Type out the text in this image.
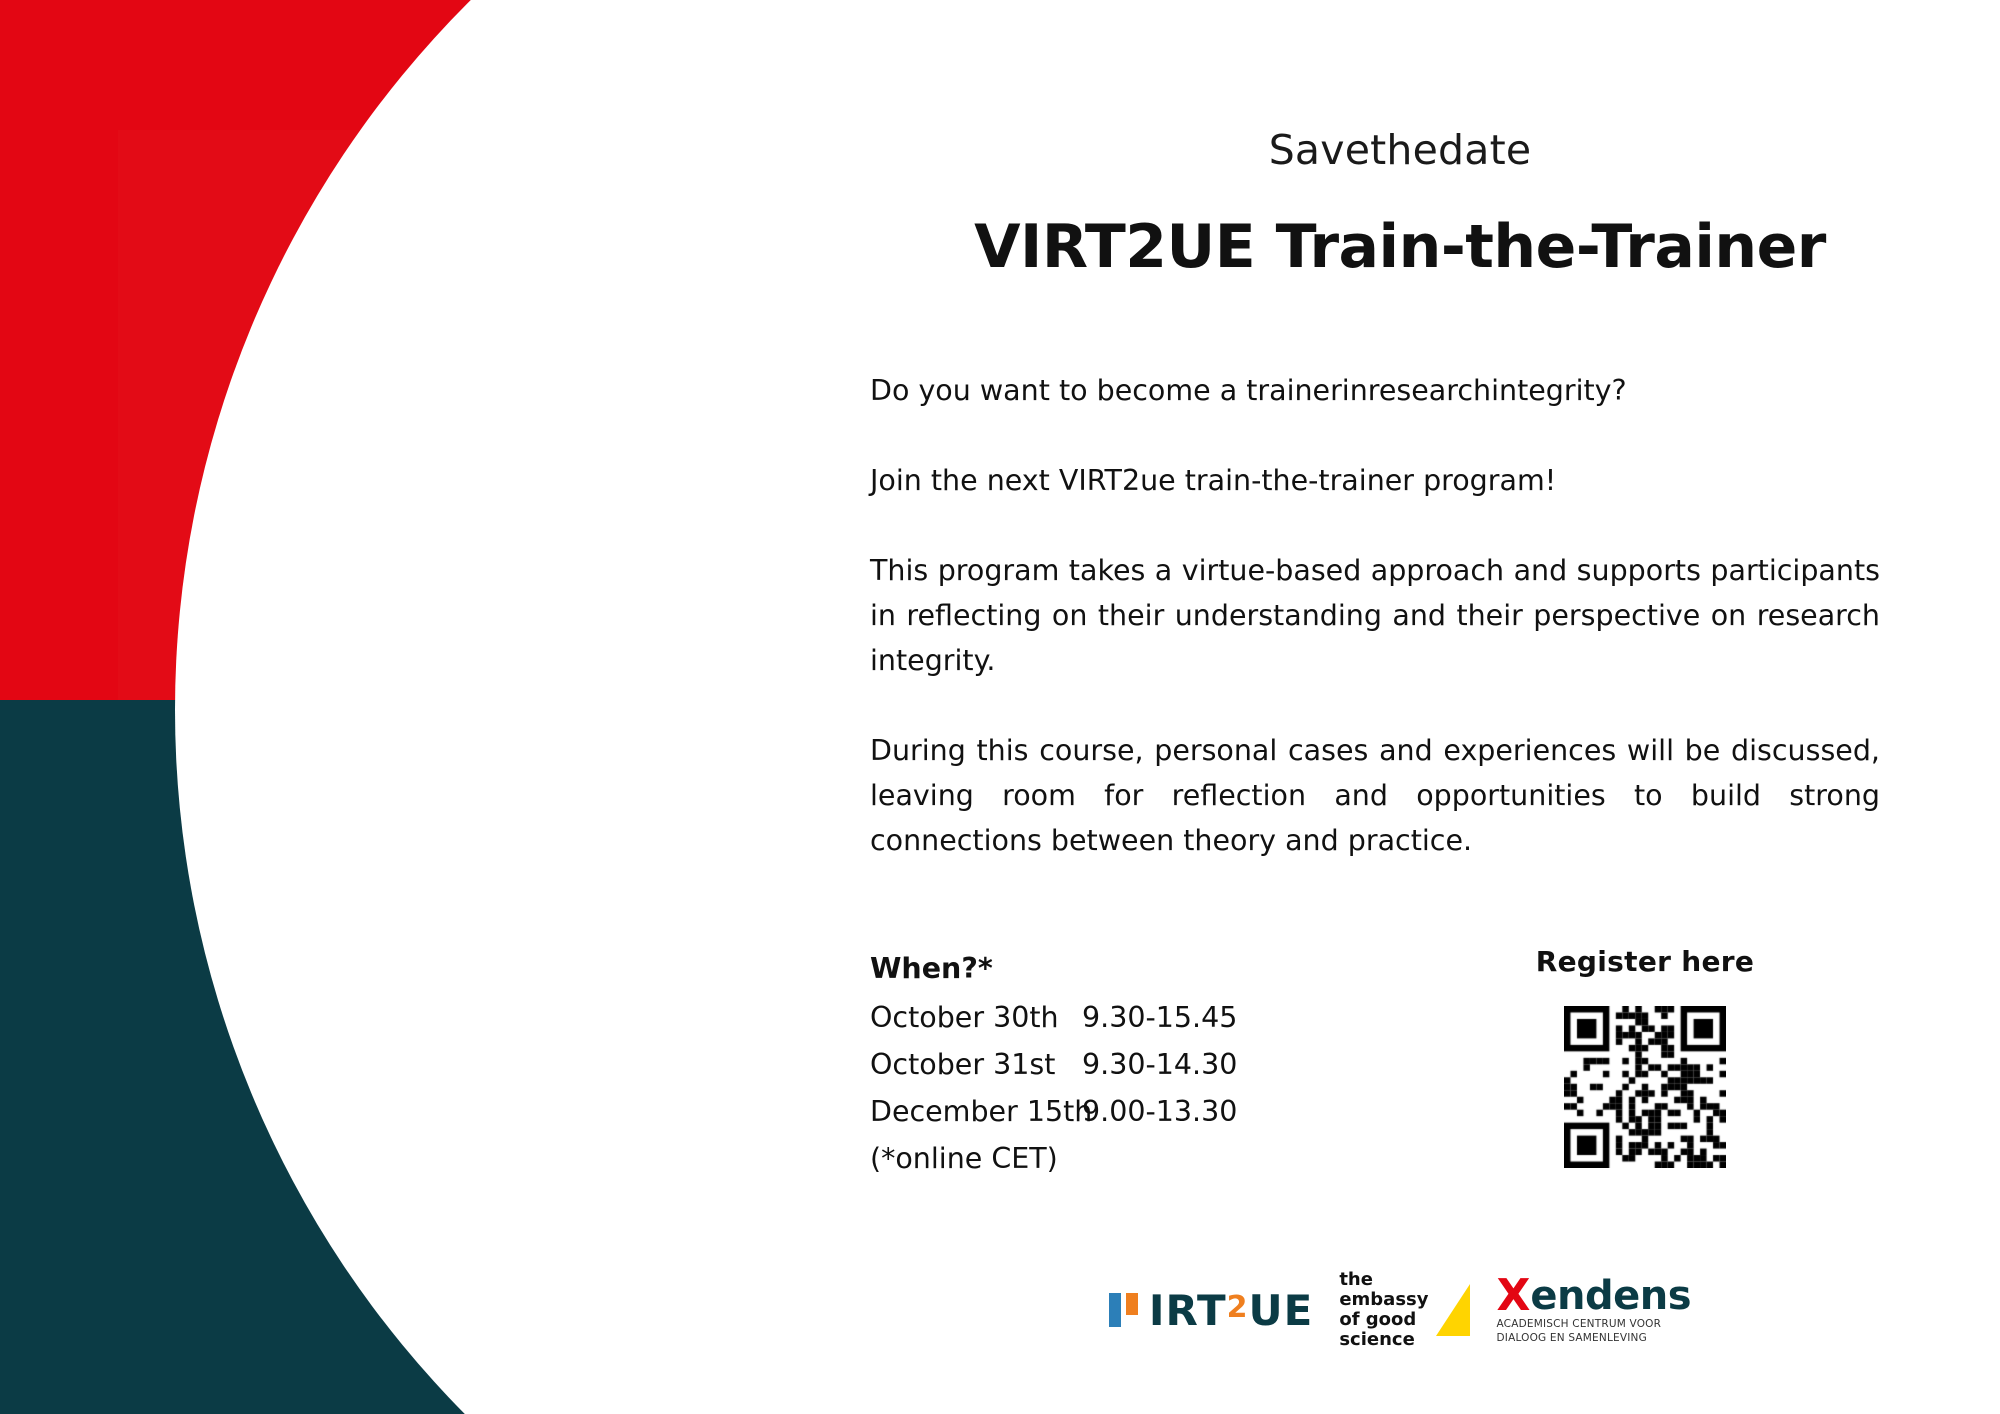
Savethedate
VIRT2UE Train-the-Trainer

Do you want to become a trainerinresearchintegrity?

Join the next VIRT2ue train-the-trainer program!

This program takes a virtue-based approach and supports participants in reflecting on their understanding and their perspective on research integrity.

During this course, personal cases and experiences will be discussed, leaving room for reflection and opportunities to build strong connections between theory and practice.

When?*
October 30th 9.30-15.45
October 31st 9.30-14.30
December 15th
9.00-13.30
(*online CET)
Register here
IRT 2 UE
the
embassy
of good
science
X endens
ACADEMISCH CENTRUM VOOR
DIALOOG EN SAMENLEVING
